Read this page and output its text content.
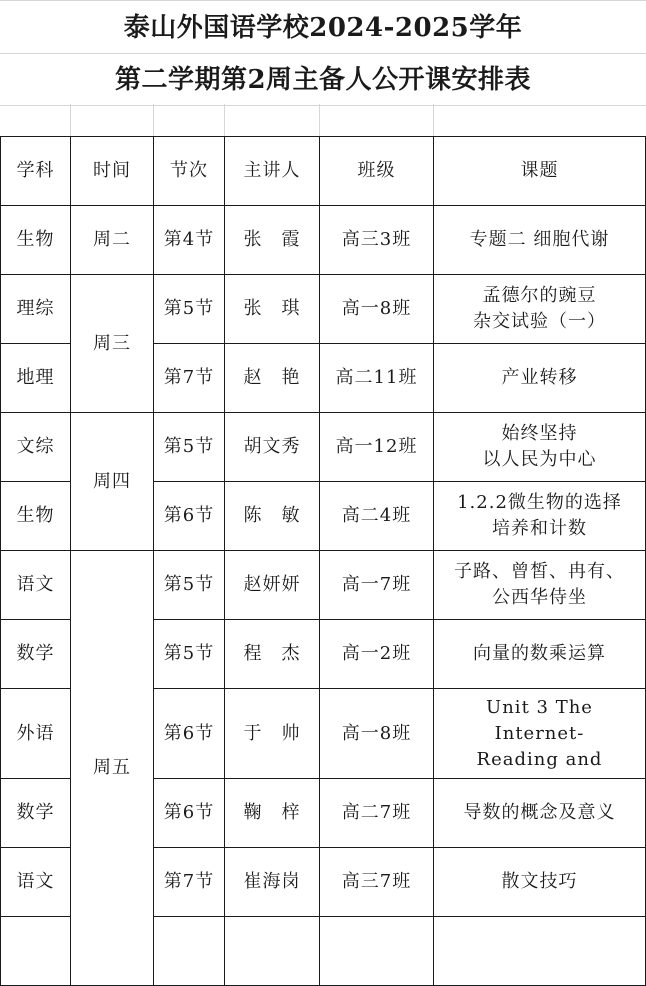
泰山外国语学校2024-2025学年
第二学期第2周主备人公开课安排表
学科	时间	节次	主讲人	班级	课题	
生物	周二	第4节	张　霞	高三3班	专题二 细胞代谢	
理综	周三	第5节	张　琪	高一8班	孟德尔的豌豆
杂交试验（一）	
地理		第7节	赵　艳	高二11班	产业转移	
文综	周四	第5节	胡文秀	高一12班	始终坚持
以人民为中心	
生物		第6节	陈　敏	高二4班	1.2.2微生物的选择
培养和计数	
语文	周五	第5节	赵妍妍	高一7班	子路、曾皙、冉有、
公西华侍坐	
数学		第5节	程　杰	高一2班	向量的数乘运算	
外语		第6节	于　帅	高一8班	Unit 3 The
Internet-
Reading and	

数学		第6节	鞠　梓	高二7班	导数的概念及意义	
语文		第7节	崔海岗	高三7班	散文技巧	
